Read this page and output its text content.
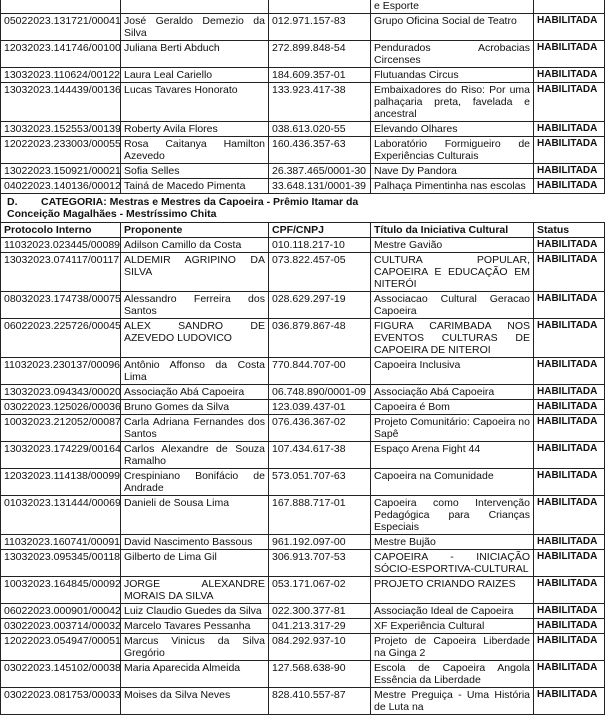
			e Esporte	
05022023.131721/00041	José Geraldo Demezio da Silva	012.971.157-83	Grupo Oficina Social de Teatro	HABILITADA
12032023.141746/00100	Juliana Berti Abduch	272.899.848-54	Pendurados Acrobacias Circenses	HABILITADA
13032023.110624/00122	Laura Leal Cariello	184.609.357-01	Flutuandas Circus	HABILITADA
13032023.144439/00136	Lucas Tavares Honorato	133.923.417-38	Embaixadores do Riso: Por uma palhaçaria preta, favelada e ancestral	HABILITADA
13032023.152553/00139	Roberty Avila Flores	038.613.020-55	Elevando Olhares	HABILITADA
12022023.233003/00055	Rosa Caitanya Hamilton Azevedo	160.436.357-63	Laboratório Formigueiro de Experiências Culturais	HABILITADA
13022023.150921/00021	Sofia Selles	26.387.465/0001-30	Nave Dy Pandora	HABILITADA
04022023.140136/00012	Tainá de Macedo Pimenta	33.648.131/0001-39	Palhaça Pimentinha nas escolas	HABILITADA
D. CATEGORIA: Mestras e Mestres da Capoeira - Prêmio Itamar da
Conceição Magalhães - Mestríssimo Chita				
Protocolo Interno	Proponente	CPF/CNPJ	Título da Iniciativa Cultural	Status
11032023.023445/00089	Adilson Camillo da Costa	010.118.217-10	Mestre Gavião	HABILITADA
13032023.074117/00117	ALDEMIR AGRIPINO DA SILVA	073.822.457-05	CULTURA POPULAR, CAPOEIRA E EDUCAÇÃO EM NITERÓI	HABILITADA
08032023.174738/00075	Alessandro Ferreira dos Santos	028.629.297-19	Associacao Cultural Geracao Capoeira	HABILITADA
06022023.225726/00045	ALEX SANDRO DE AZEVEDO LUDOVICO	036.879.867-48	FIGURA CARIMBADA NOS EVENTOS CULTURAS DE CAPOEIRA DE NITEROI	HABILITADA
11032023.230137/00096	Antônio Affonso da Costa Lima	770.844.707-00	Capoeira Inclusiva	HABILITADA
13032023.094343/00020	Associação Abá Capoeira	06.748.890/0001-09	Associação Abá Capoeira	HABILITADA
03022023.125026/00036	Bruno Gomes da Silva	123.039.437-01	Capoeira é Bom	HABILITADA
10032023.212052/00087	Carla Adriana Fernandes dos Santos	076.436.367-02	Projeto Comunitário: Capoeira no Sapê	HABILITADA
13032023.174229/00164	Carlos Alexandre de Souza Ramalho	107.434.617-38	Espaço Arena Fight 44	HABILITADA
12032023.114138/00099	Crespiniano Bonifácio de Andrade	573.051.707-63	Capoeira na Comunidade	HABILITADA
01032023.131444/00069	Danieli de Sousa Lima	167.888.717-01	Capoeira como Intervenção Pedagógica para Crianças Especiais	HABILITADA
11032023.160741/00091	David Nascimento Bassous	961.192.097-00	Mestre Bujão	HABILITADA
13032023.095345/00118	Gilberto de Lima Gil	306.913.707-53	CAPOEIRA - INICIAÇÃO SÓCIO-ESPORTIVA-CULTURAL	HABILITADA
10032023.164845/00092	JORGE ALEXANDRE MORAIS DA SILVA	053.171.067-02	PROJETO CRIANDO RAIZES	HABILITADA
06022023.000901/00042	Luiz Claudio Guedes da Silva	022.300.377-81	Associação Ideal de Capoeira	HABILITADA
03022023.003714/00032	Marcelo Tavares Pessanha	041.213.317-29	XF Experiência Cultural	HABILITADA
12022023.054947/00051	Marcus Vinicus da Silva Gregório	084.292.937-10	Projeto de Capoeira Liberdade na Ginga 2	HABILITADA
03022023.145102/00038	Maria Aparecida Almeida	127.568.638-90	Escola de Capoeira Angola Essência da Liberdade	HABILITADA
03022023.081753/00033	Moises da Silva Neves	828.410.557-87	Mestre Preguiça - Uma História de Luta na	HABILITADA
